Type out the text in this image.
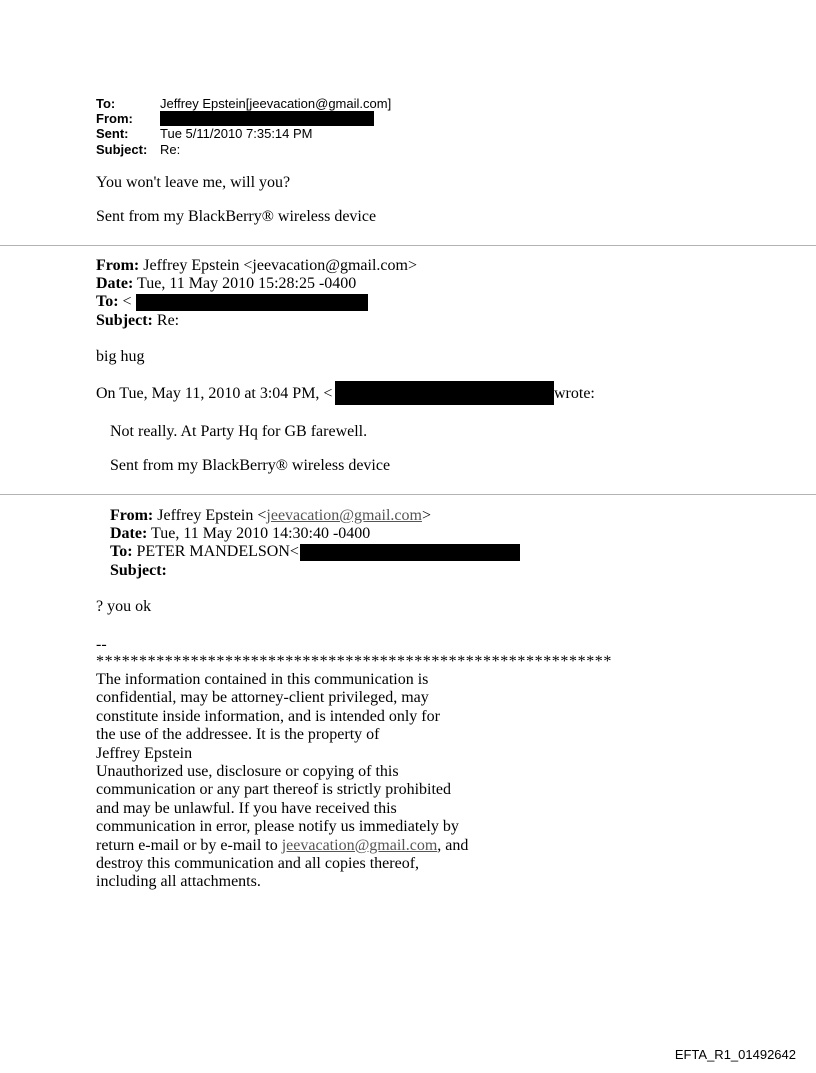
To:	Jeffrey Epstein[jeevacation@gmail.com]
From:
Sent: Tue 5/11/2010 7:35:14 PM
Subject: Re:
You won't leave me, will you?
Sent from my BlackBerry® wireless device
From: Jeffrey Epstein <jeevacation@gmail.com>
Date: Tue, 11 May 2010 15:28:25 -0400
To: <
Subject: Re:
big hug
On Tue, May 11, 2010 at 3:04 PM, <	wrote:
Not really. At Party Hq for GB farewell.
Sent from my BlackBerry® wireless device
From: Jeffrey Epstein <jeevacation@gmail.com>
Date: Tue, 11 May 2010 14:30:40 -0400
To: PETER MANDELSON<
Subject:
? you ok
--
************************************************************
The information contained in this communication is
confidential, may be attorney-client privileged, may
constitute inside information, and is intended only for
the use of the addressee. It is the property of
Jeffrey Epstein
Unauthorized use, disclosure or copying of this
communication or any part thereof is strictly prohibited
and may be unlawful. If you have received this
communication in error, please notify us immediately by
return e-mail or by e-mail to jeevacation@gmail.com, and
destroy this communication and all copies thereof,
including all attachments.
EFTA_R1_01492642
